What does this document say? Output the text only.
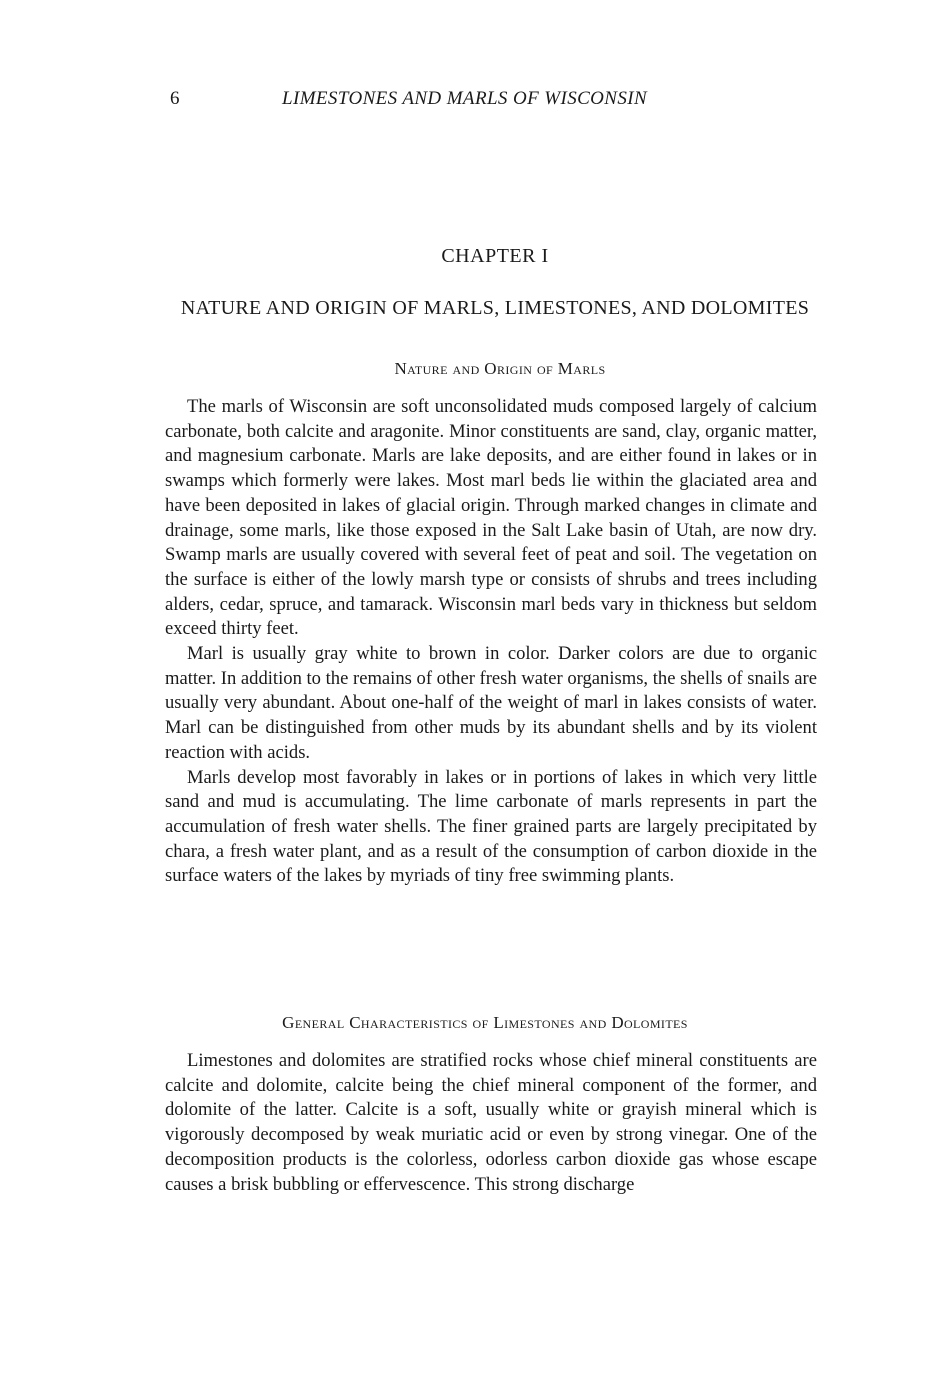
6	LIMESTONES AND MARLS OF WISCONSIN
CHAPTER I
NATURE AND ORIGIN OF MARLS, LIMESTONES, AND DOLOMITES
Nature and Origin of Marls

The marls of Wisconsin are soft unconsolidated muds composed largely of calcium carbonate, both calcite and aragonite. Minor constituents are sand, clay, organic matter, and magnesium carbonate. Marls are lake deposits, and are either found in lakes or in swamps which formerly were lakes. Most marl beds lie within the glaciated area and have been deposited in lakes of glacial origin. Through marked changes in climate and drainage, some marls, like those exposed in the Salt Lake basin of Utah, are now dry. Swamp marls are usually covered with several feet of peat and soil. The vegetation on the surface is either of the lowly marsh type or consists of shrubs and trees including alders, cedar, spruce, and tamarack. Wisconsin marl beds vary in thickness but seldom exceed thirty feet.

Marl is usually gray white to brown in color. Darker colors are due to organic matter. In addition to the remains of other fresh water organisms, the shells of snails are usually very abundant. About one-half of the weight of marl in lakes consists of water. Marl can be distinguished from other muds by its abundant shells and by its violent reaction with acids.

Marls develop most favorably in lakes or in portions of lakes in which very little sand and mud is accumulating. The lime carbonate of marls represents in part the accumulation of fresh water shells. The finer grained parts are largely precipitated by chara, a fresh water plant, and as a result of the consumption of carbon dioxide in the surface waters of the lakes by myriads of tiny free swimming plants.

General Characteristics of Limestones and Dolomites

Limestones and dolomites are stratified rocks whose chief mineral constituents are calcite and dolomite, calcite being the chief mineral component of the former, and dolomite of the latter. Calcite is a soft, usually white or grayish mineral which is vigorously decomposed by weak muriatic acid or even by strong vinegar. One of the decomposition products is the colorless, odorless carbon dioxide gas whose escape causes a brisk bubbling or effervescence. This strong discharge
